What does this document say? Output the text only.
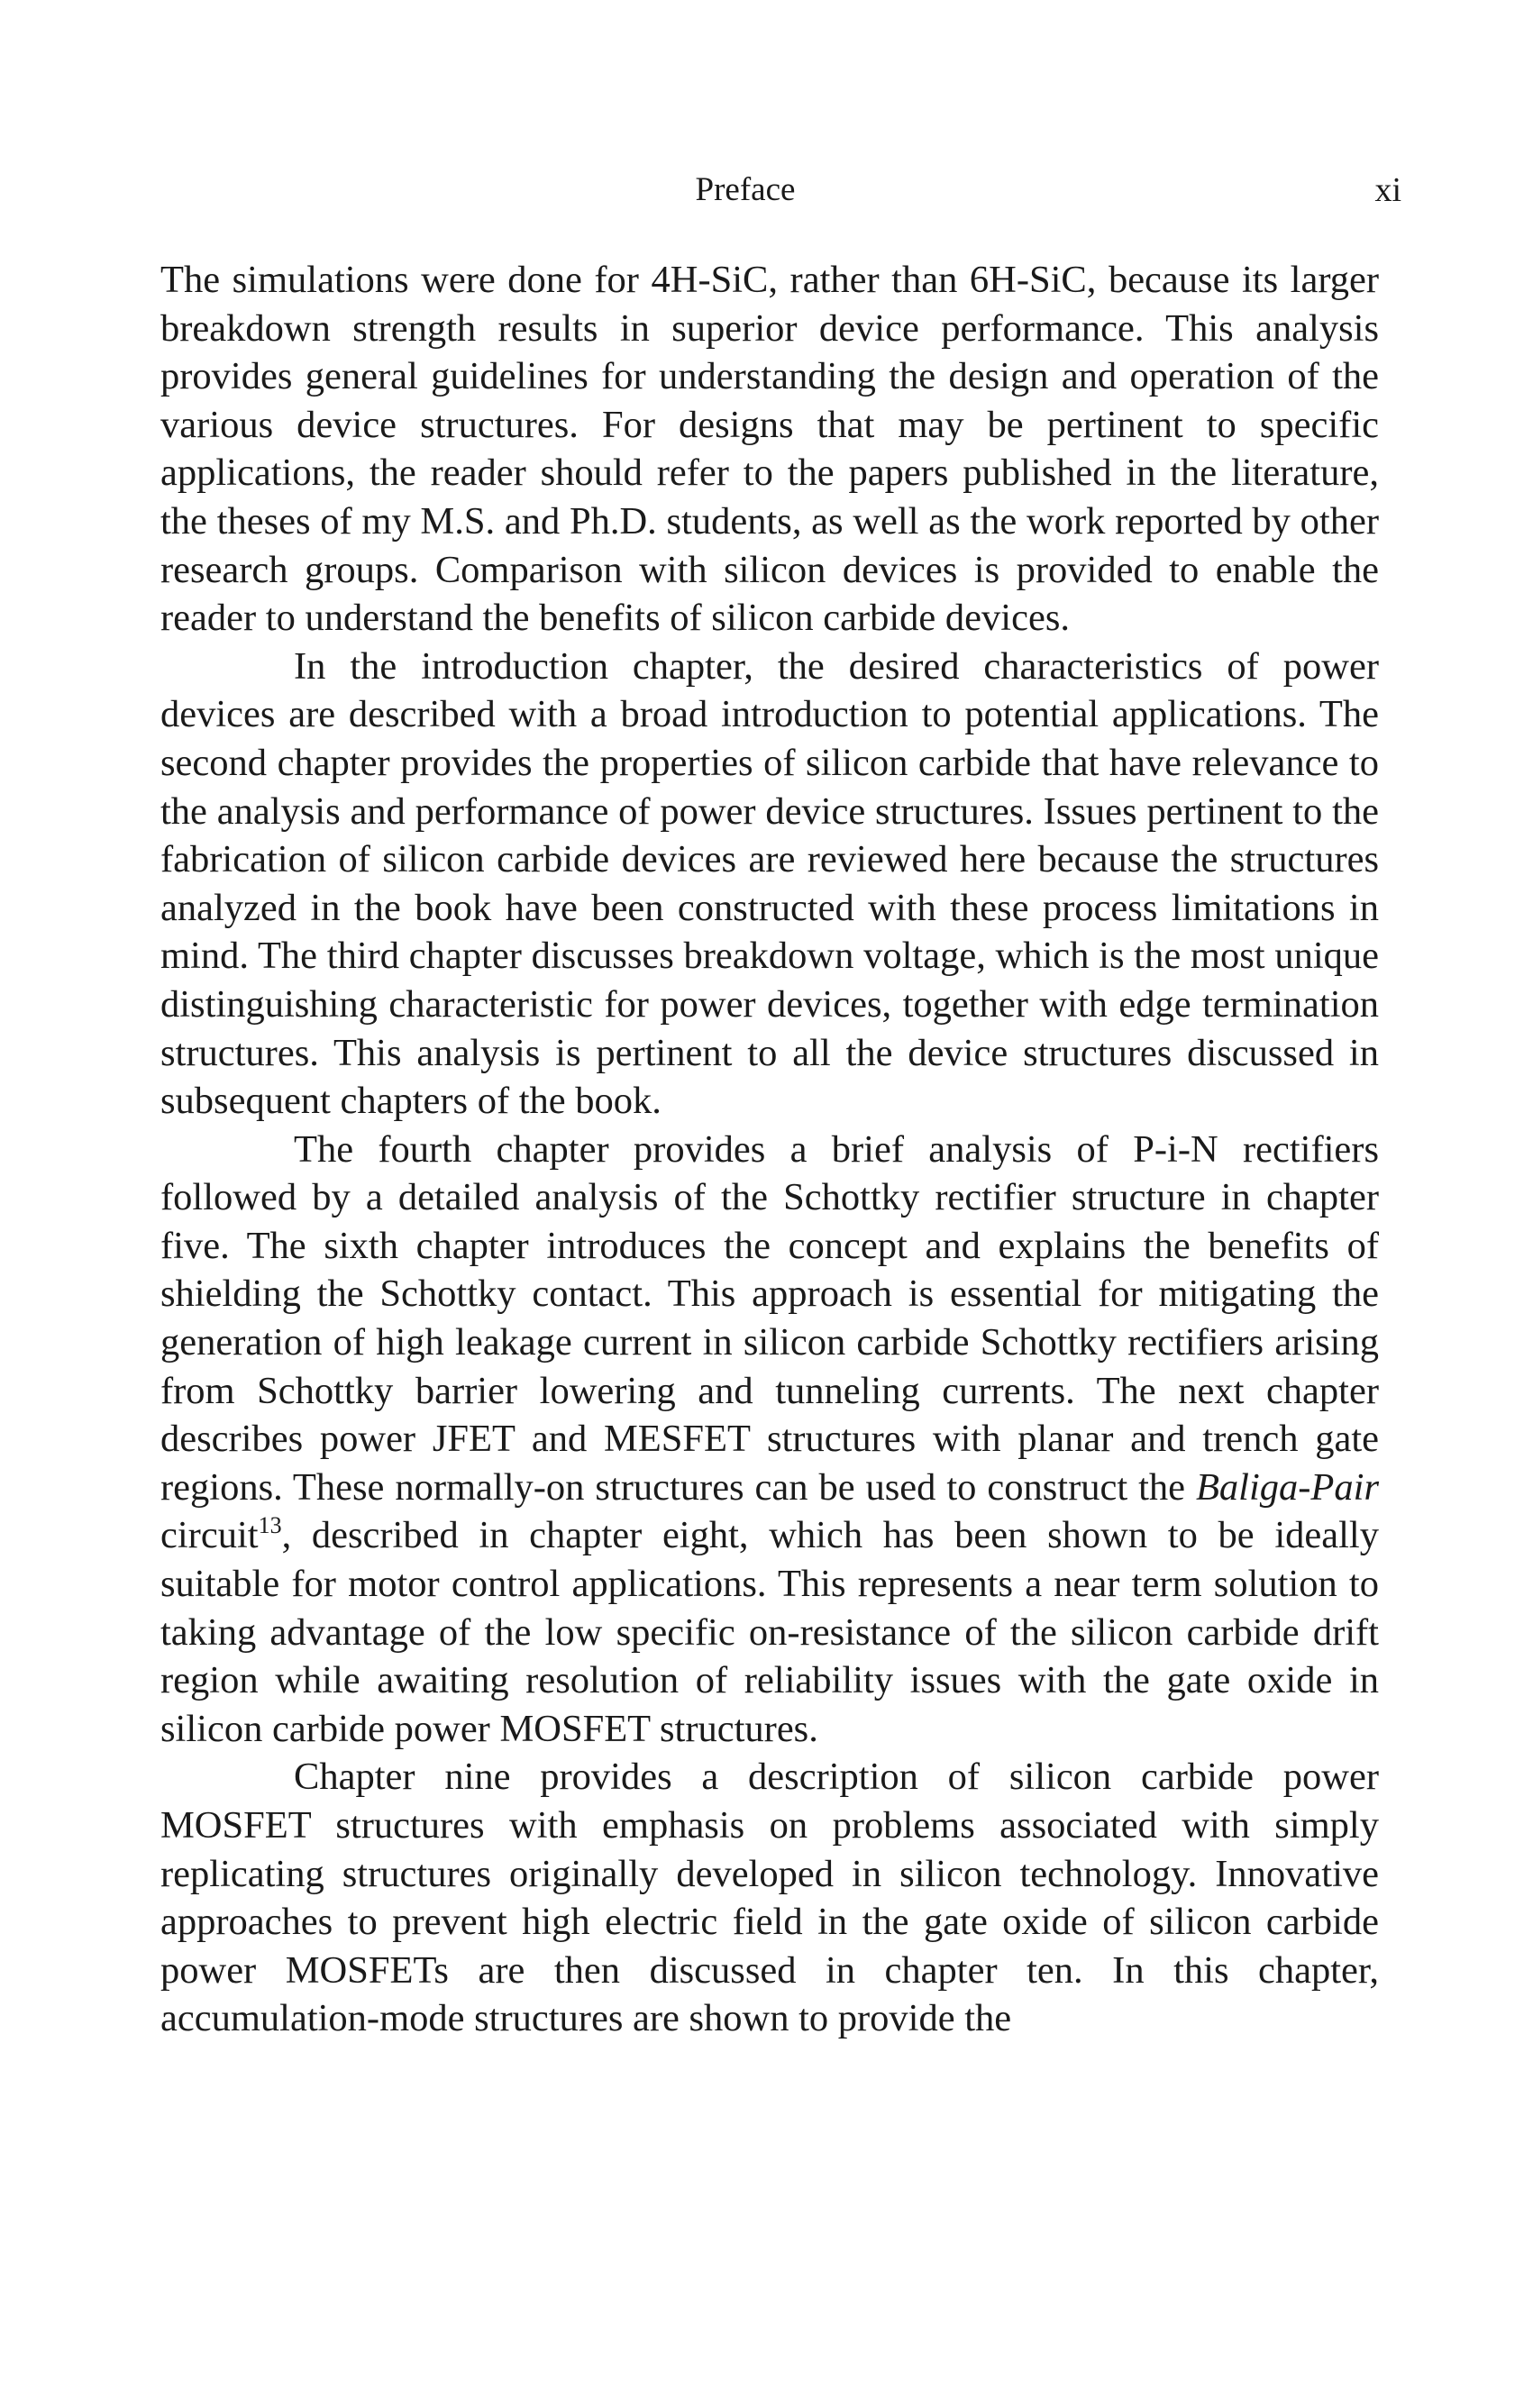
Preface	xi

The simulations were done for 4H-SiC, rather than 6H-SiC, because its larger breakdown strength results in superior device performance. This analysis provides general guidelines for understanding the design and operation of the various device structures. For designs that may be pertinent to specific applications, the reader should refer to the papers published in the literature, the theses of my M.S. and Ph.D. students, as well as the work reported by other research groups. Comparison with silicon devices is provided to enable the reader to understand the benefits of silicon carbide devices.

In the introduction chapter, the desired characteristics of power devices are described with a broad introduction to potential applications. The second chapter provides the properties of silicon carbide that have relevance to the analysis and performance of power device structures. Issues pertinent to the fabrication of silicon carbide devices are reviewed here because the structures analyzed in the book have been constructed with these process limitations in mind. The third chapter discusses breakdown voltage, which is the most unique distinguishing characteristic for power devices, together with edge termination structures. This analysis is pertinent to all the device structures discussed in subsequent chapters of the book.

The fourth chapter provides a brief analysis of P-i-N rectifiers followed by a detailed analysis of the Schottky rectifier structure in chapter five. The sixth chapter introduces the concept and explains the benefits of shielding the Schottky contact. This approach is essential for mitigating the generation of high leakage current in silicon carbide Schottky rectifiers arising from Schottky barrier lowering and tunneling currents. The next chapter describes power JFET and MESFET structures with planar and trench gate regions. These normally-on structures can be used to construct the Baliga-Pair circuit$^{13}$, described in chapter eight, which has been shown to be ideally suitable for motor control applications. This represents a near term solution to taking advantage of the low specific on-resistance of the silicon carbide drift region while awaiting resolution of reliability issues with the gate oxide in silicon carbide power MOSFET structures.

Chapter nine provides a description of silicon carbide power MOSFET structures with emphasis on problems associated with simply replicating structures originally developed in silicon technology. Innovative approaches to prevent high electric field in the gate oxide of silicon carbide power MOSFETs are then discussed in chapter ten. In this chapter, accumulation-mode structures are shown to provide the
